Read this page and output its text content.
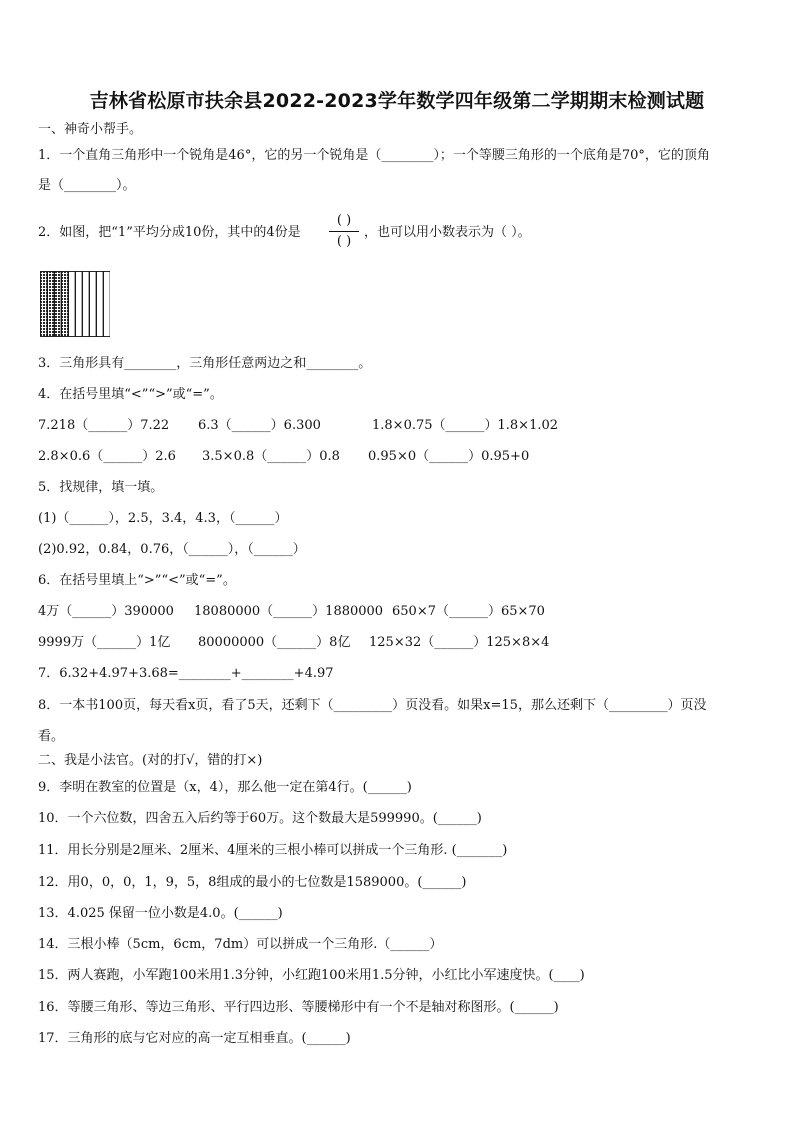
吉林省松原市扶余县2022-2023学年数学四年级第二学期期末检测试题
一、神奇小帮手。
1．一个直角三角形中一个锐角是46°，它的另一个锐角是（________）；一个等腰三角形的一个底角是70°，它的顶角
是（________）。
2．如图，把“1”平均分成10份，其中的4份是
( )
( )
，也可以用小数表示为（ ）。
3．三角形具有________，三角形任意两边之和________。
4．在括号里填“<”“>”或“=”。
7.218（______）7.22 6.3（______）6.300	1.8×0.75（______）1.8×1.02
2.8×0.6（______）2.6 3.5×0.8（______）0.8 0.95×0（______）0.95+0
5．找规律，填一填。
(1)（______），2.5，3.4，4.3，（______）
(2)0.92，0.84，0.76，（______），（______）
6．在括号里填上“>”“<”或“=”。
4万（______）390000 18080000（______）1880000 650×7（______）65×70
9999万（______）1亿 80000000（______）8亿 125×32（______）125×8×4
7．6.32+4.97+3.68=________+________+4.97
8．一本书100页，每天看x页，看了5天，还剩下（_________）页没看。如果x=15，那么还剩下（_________）页没
看。
二、我是小法官。(对的打√，错的打×)
9．李明在教室的位置是（x，4），那么他一定在第4行。(______)
10．一个六位数，四舍五入后约等于60万。这个数最大是599990。(______)
11．用长分别是2厘米、2厘米、4厘米的三根小棒可以拼成一个三角形. (_______)
12．用0，0，0，1，9，5，8组成的最小的七位数是1589000。(______)
13．4.025 保留一位小数是4.0。(______)
14．三根小棒（5cm，6cm，7dm）可以拼成一个三角形.（______）
15．两人赛跑，小军跑100米用1.3分钟，小红跑100米用1.5分钟，小红比小军速度快。(____)
16．等腰三角形、等边三角形、平行四边形、等腰梯形中有一个不是轴对称图形。(______)
17．三角形的底与它对应的高一定互相垂直。(______)
